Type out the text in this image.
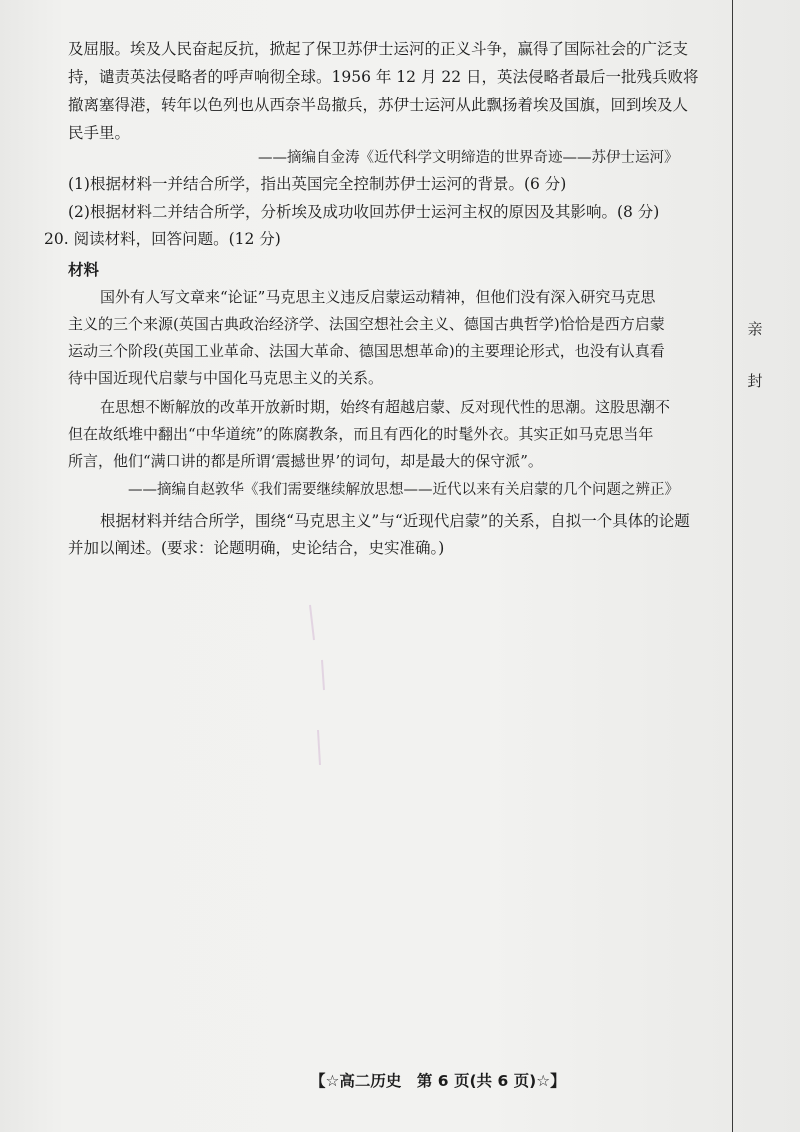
亲
封
及屈服。埃及人民奋起反抗，掀起了保卫苏伊士运河的正义斗争，赢得了国际社会的广泛支
持，谴责英法侵略者的呼声响彻全球。1956 年 12 月 22 日，英法侵略者最后一批残兵败将
撤离塞得港，转年以色列也从西奈半岛撤兵，苏伊士运河从此飘扬着埃及国旗，回到埃及人
民手里。
——摘编自金涛《近代科学文明缔造的世界奇迹——苏伊士运河》
(1)根据材料一并结合所学，指出英国完全控制苏伊士运河的背景。(6 分)
(2)根据材料二并结合所学，分析埃及成功收回苏伊士运河主权的原因及其影响。(8 分)
20. 阅读材料，回答问题。(12 分)
材料
国外有人写文章来“论证”马克思主义违反启蒙运动精神，但他们没有深入研究马克思
主义的三个来源(英国古典政治经济学、法国空想社会主义、德国古典哲学)恰恰是西方启蒙
运动三个阶段(英国工业革命、法国大革命、德国思想革命)的主要理论形式，也没有认真看
待中国近现代启蒙与中国化马克思主义的关系。
在思想不断解放的改革开放新时期，始终有超越启蒙、反对现代性的思潮。这股思潮不
但在故纸堆中翻出“中华道统”的陈腐教条，而且有西化的时髦外衣。其实正如马克思当年
所言，他们“满口讲的都是所谓‘震撼世界’的词句，却是最大的保守派”。
——摘编自赵敦华《我们需要继续解放思想——近代以来有关启蒙的几个问题之辨正》
根据材料并结合所学，围绕“马克思主义”与“近现代启蒙”的关系，自拟一个具体的论题
并加以阐述。(要求：论题明确，史论结合，史实准确。)
【☆高二历史　第 6 页(共 6 页)☆】
